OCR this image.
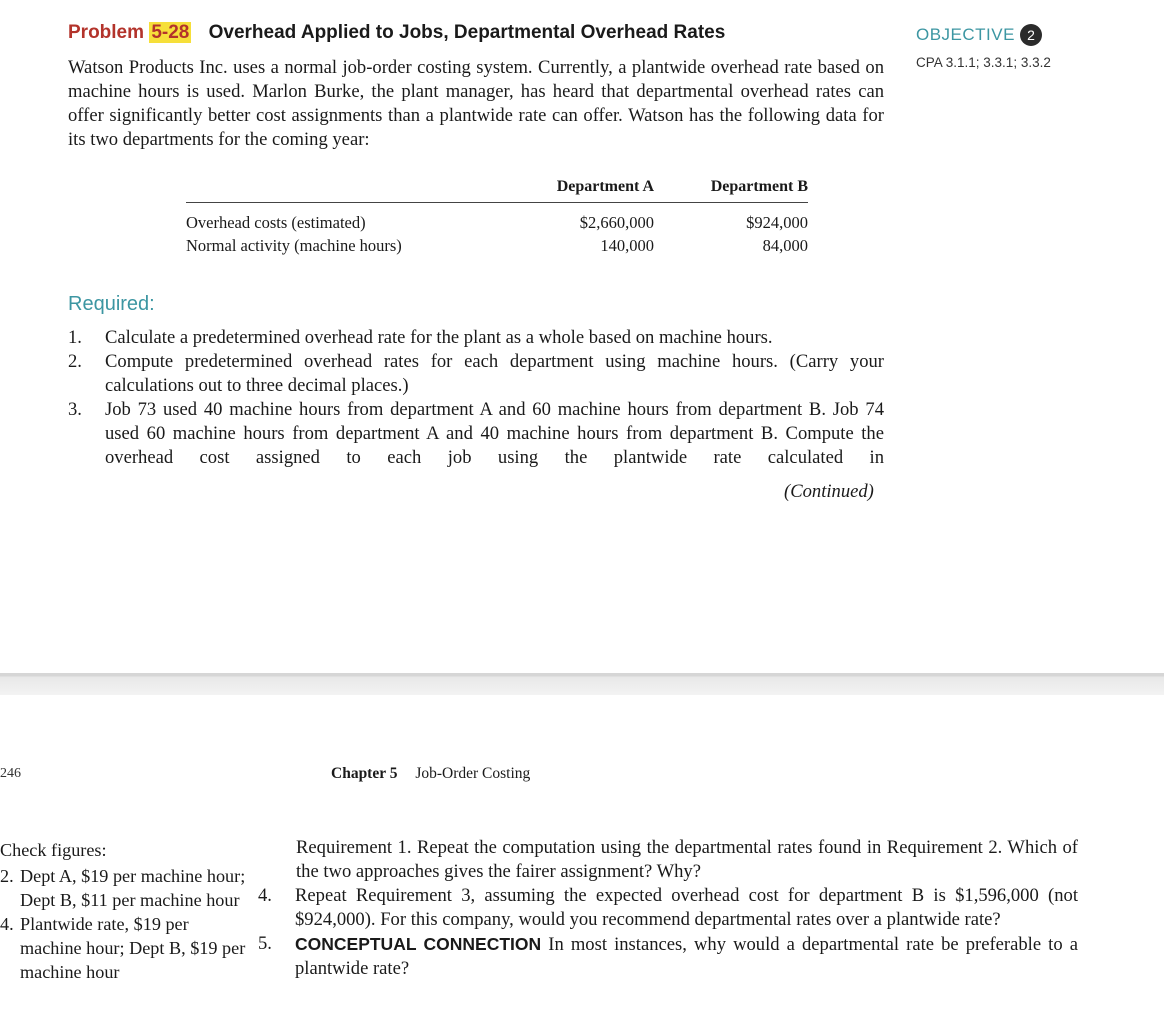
Problem 5-28 Overhead Applied to Jobs, Departmental Overhead Rates	OBJECTIVE 2
CPA 3.1.1; 3.3.1; 3.3.2
Watson Products Inc. uses a normal job-order costing system. Currently, a plantwide overhead rate based on machine hours is used. Marlon Burke, the plant manager, has heard that departmental overhead rates can offer significantly better cost assignments than a plantwide rate can offer. Watson has the following data for its two departments for the coming year:
	Department A	Department B
Overhead costs (estimated)	$2,660,000	$924,000
Normal activity (machine hours)	140,000	84,000
Required:
1.	Calculate a predetermined overhead rate for the plant as a whole based on machine hours.
2.	Compute predetermined overhead rates for each department using machine hours. (Carry your calculations out to three decimal places.)
3.	Job 73 used 40 machine hours from department A and 60 machine hours from department B. Job 74 used 60 machine hours from department A and 40 machine hours from department B. Compute the overhead cost assigned to each job using the plantwide rate calculated in
(Continued)
246	Chapter 5 Job-Order Costing
Check figures:
2. Dept A, $19 per machine hour; Dept B, $11 per machine hour
4. Plantwide rate, $19 per machine hour; Dept B, $19 per machine hour
Requirement 1. Repeat the computation using the departmental rates found in Requirement 2. Which of the two approaches gives the fairer assignment? Why?
4.	Repeat Requirement 3, assuming the expected overhead cost for department B is $1,596,000 (not $924,000). For this company, would you recommend departmental rates over a plantwide rate?
5.	CONCEPTUAL CONNECTION In most instances, why would a departmental rate be preferable to a plantwide rate?
